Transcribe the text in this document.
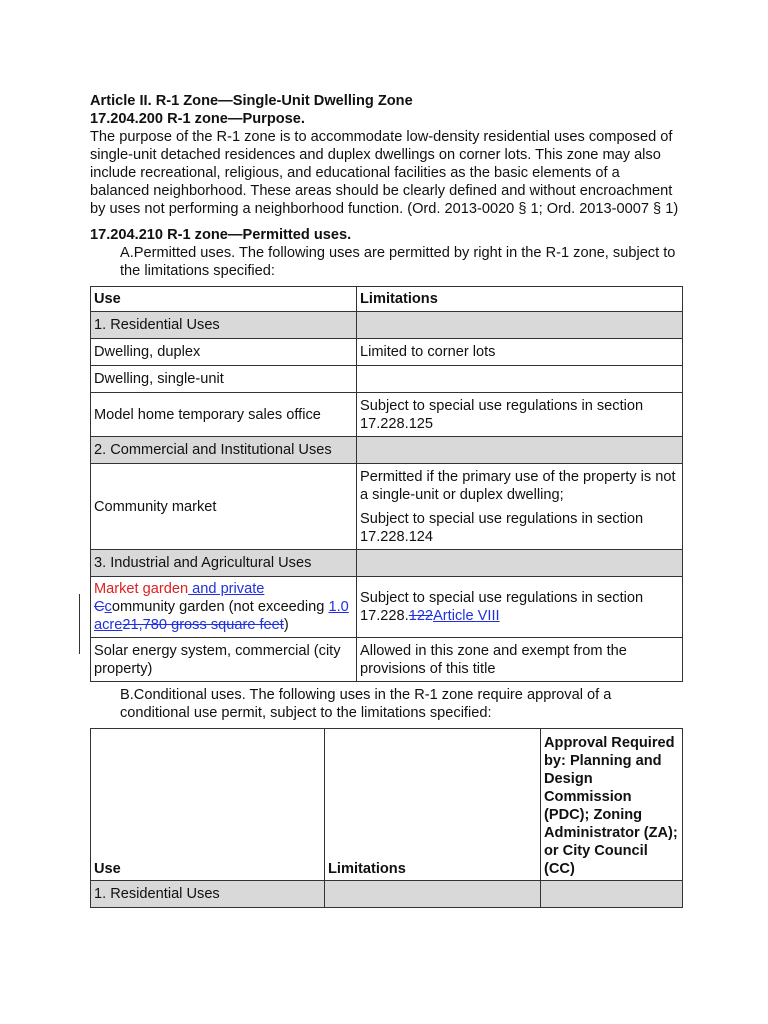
Article II. R-1 Zone—Single-Unit Dwelling Zone
17.204.200 R-1 zone—Purpose.
The purpose of the R-1 zone is to accommodate low-density residential uses composed of single-unit detached residences and duplex dwellings on corner lots. This zone may also include recreational, religious, and educational facilities as the basic elements of a balanced neighborhood. These areas should be clearly defined and without encroachment by uses not performing a neighborhood function. (Ord. 2013-0020 § 1; Ord. 2013-0007 § 1)
17.204.210 R-1 zone—Permitted uses.
A.Permitted uses. The following uses are permitted by right in the R-1 zone, subject to the limitations specified:
Use	Limitations
1. Residential Uses	
Dwelling, duplex	Limited to corner lots
Dwelling, single-unit	
Model home temporary sales office	Subject to special use regulations in section 17.228.125
2. Commercial and Institutional Uses	
Community market	Permitted if the primary use of the property is not a single-unit or duplex dwelling;
Subject to special use regulations in section 17.228.124

3. Industrial and Agricultural Uses	
Market garden and private
Ccommunity garden (not exceeding 1.0 acre21,780 gross square feet)	Subject to special use regulations in section 17.228.122Article VIII
Solar energy system, commercial (city property)	Allowed in this zone and exempt from the provisions of this title
B.Conditional uses. The following uses in the R-1 zone require approval of a conditional use permit, subject to the limitations specified:
Use	Limitations	Approval Required by: Planning and Design Commission (PDC); Zoning Administrator (ZA); or City Council (CC)
1. Residential Uses		
